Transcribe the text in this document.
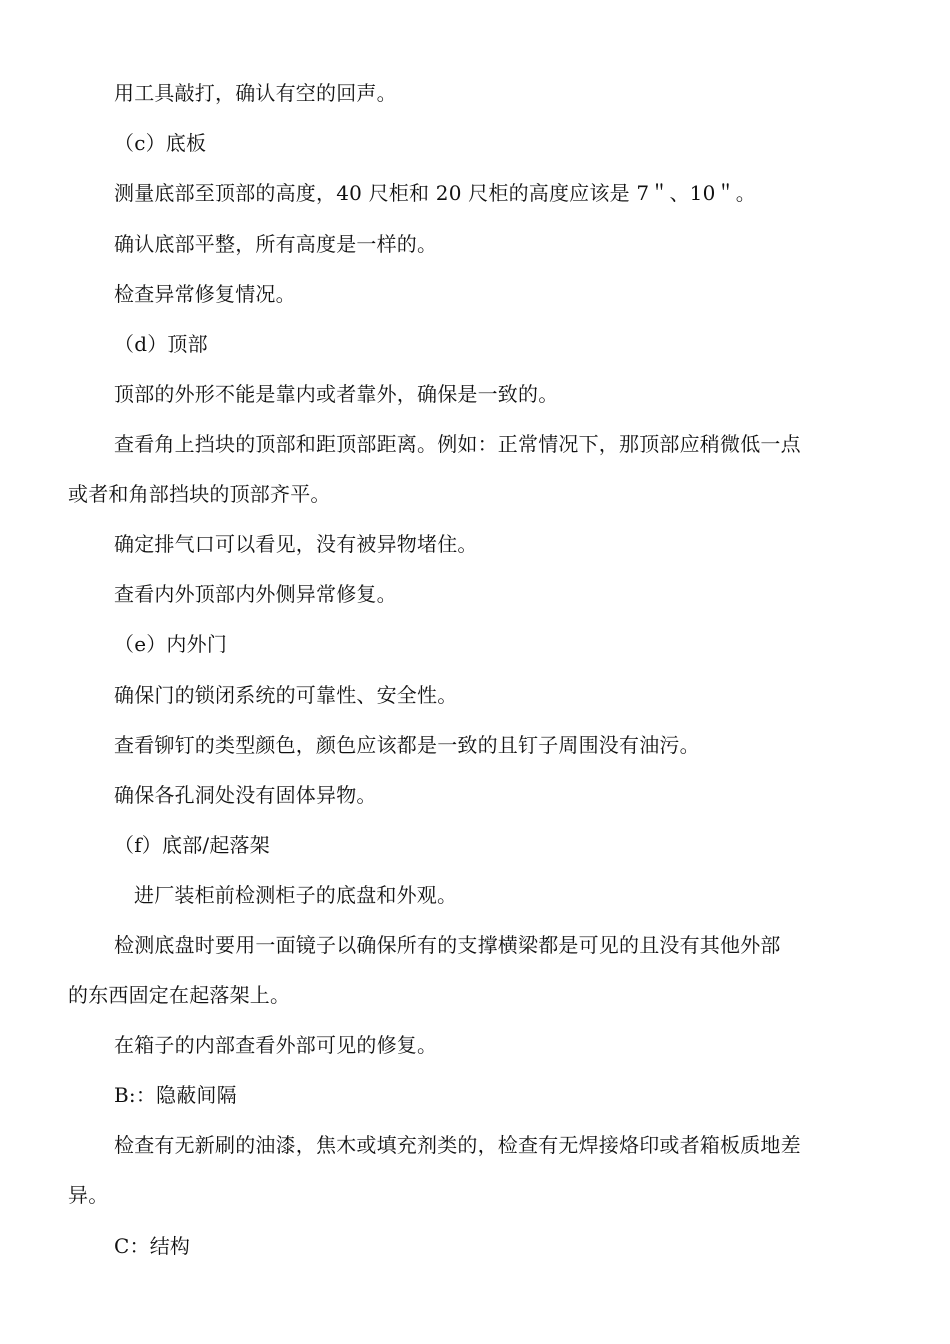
用工具敲打，确认有空的回声。
（c）底板
测量底部至顶部的高度，40 尺柜和 20 尺柜的高度应该是 7＂、10＂。
确认底部平整，所有高度是一样的。
检查异常修复情况。
（d）顶部
顶部的外形不能是靠内或者靠外，确保是一致的。
查看角上挡块的顶部和距顶部距离。例如：正常情况下，那顶部应稍微低一点
或者和角部挡块的顶部齐平。
确定排气口可以看见，没有被异物堵住。
查看内外顶部内外侧异常修复。
（e）内外门
确保门的锁闭系统的可靠性、安全性。
查看铆钉的类型颜色，颜色应该都是一致的且钉子周围没有油污。
确保各孔洞处没有固体异物。
（f）底部/起落架
进厂装柜前检测柜子的底盘和外观。
检测底盘时要用一面镜子以确保所有的支撑横梁都是可见的且没有其他外部
的东西固定在起落架上。
在箱子的内部查看外部可见的修复。
B:：隐蔽间隔
检查有无新刷的油漆，焦木或填充剂类的，检查有无焊接烙印或者箱板质地差
异。
C：结构
